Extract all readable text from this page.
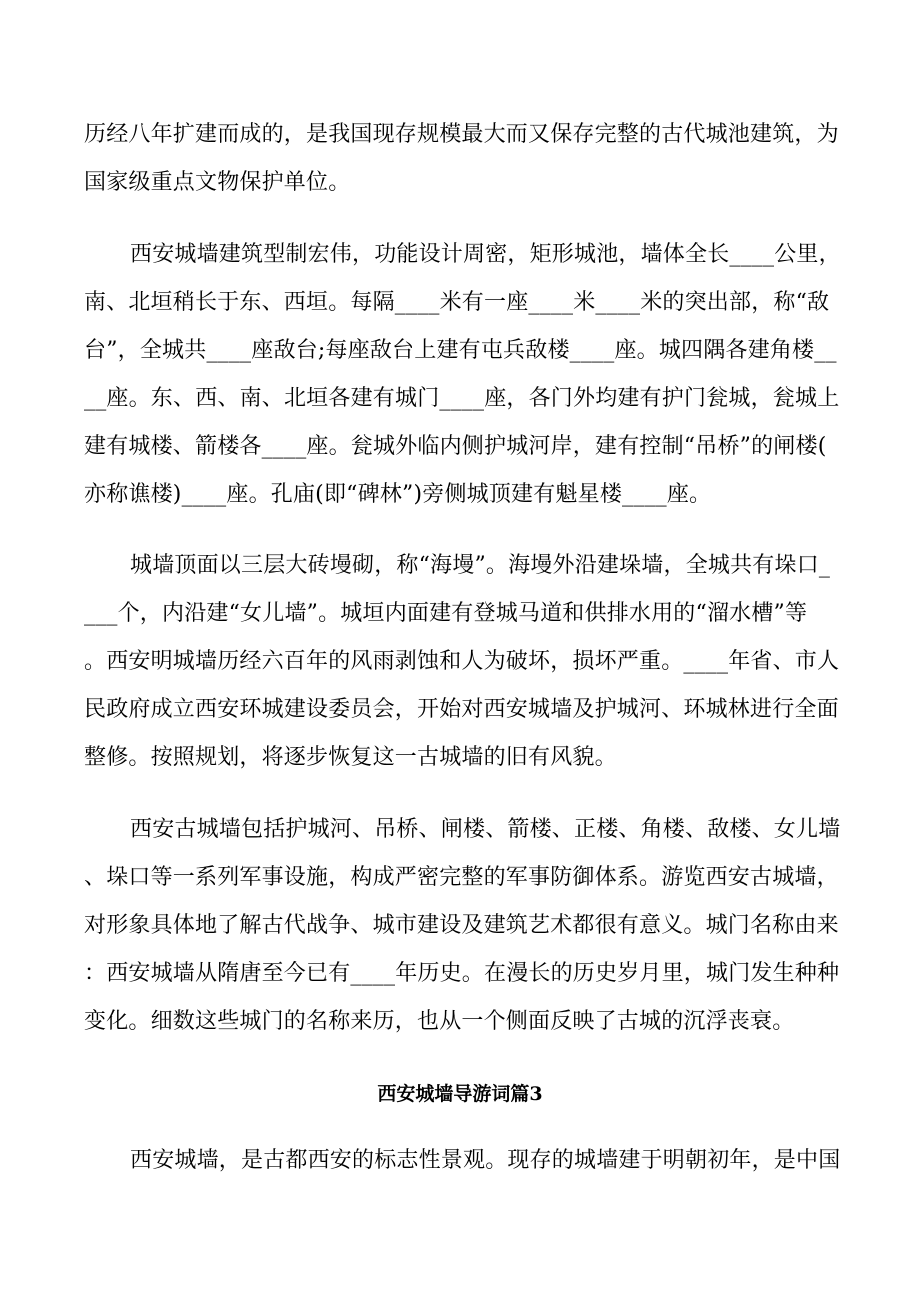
历经八年扩建而成的，是我国现存规模最大而又保存完整的古代城池建筑，为
国家级重点文物保护单位。
西安城墙建筑型制宏伟，功能设计周密，矩形城池，墙体全长____公里，
南、北垣稍长于东、西垣。每隔____米有一座____米____米的突出部，称“敌
台”，全城共____座敌台;每座敌台上建有屯兵敌楼____座。城四隅各建角楼__
__座。东、西、南、北垣各建有城门____座，各门外均建有护门瓮城，瓮城上
建有城楼、箭楼各____座。瓮城外临内侧护城河岸，建有控制“吊桥”的闸楼(
亦称谯楼)____座。孔庙(即“碑林”)旁侧城顶建有魁星楼____座。
城墙顶面以三层大砖墁砌，称“海墁”。海墁外沿建垛墙，全城共有垛口_
___个，内沿建“女儿墙”。城垣内面建有登城马道和供排水用的“溜水槽”等
。西安明城墙历经六百年的风雨剥蚀和人为破坏，损坏严重。____年省、市人
民政府成立西安环城建设委员会，开始对西安城墙及护城河、环城林进行全面
整修。按照规划，将逐步恢复这一古城墙的旧有风貌。
西安古城墙包括护城河、吊桥、闸楼、箭楼、正楼、角楼、敌楼、女儿墙
、垛口等一系列军事设施，构成严密完整的军事防御体系。游览西安古城墙，
对形象具体地了解古代战争、城市建设及建筑艺术都很有意义。城门名称由来
：西安城墙从隋唐至今已有____年历史。在漫长的历史岁月里，城门发生种种
变化。细数这些城门的名称来历，也从一个侧面反映了古城的沉浮丧衰。
西安城墙导游词篇3
西安城墙，是古都西安的标志性景观。现存的城墙建于明朝初年，是中国
